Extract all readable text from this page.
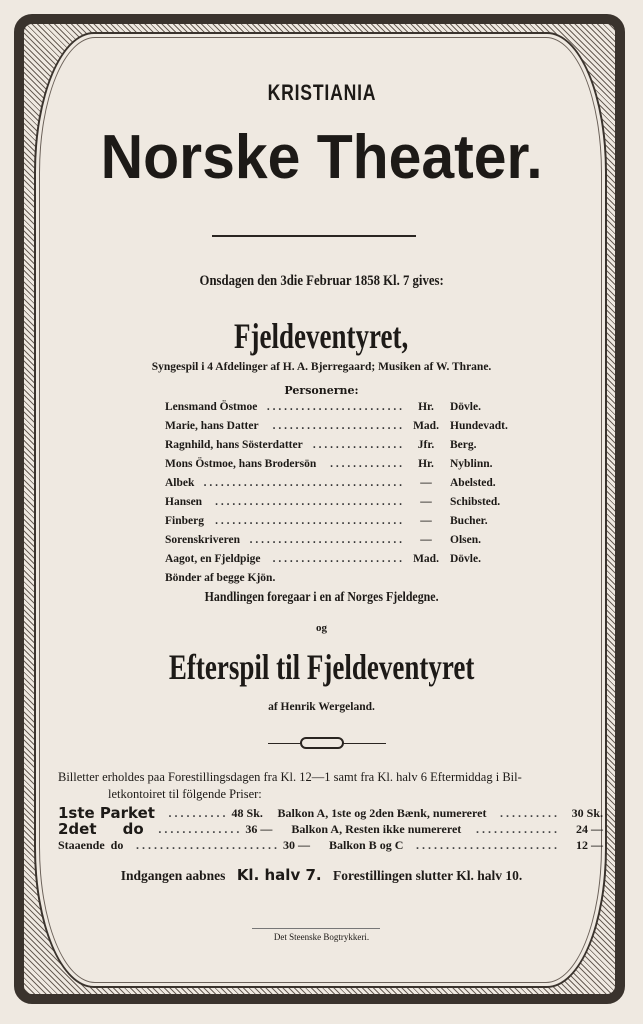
KRISTIANIA
Norske Theater.
Onsdagen den 3die Februar 1858 Kl. 7 gives:
Fjeldeventyret,
Syngespil i 4 Afdelinger af H. A. Bjerregaard; Musiken af W. Thrane.
Personerne:
Lensmand Östmoe . . . . . . . . . . . . . . . . . . . . . . . .	Hr.	Dövle.
Marie, hans Datter	. . . . . . . . . . . . . . . . . . . . . . . Mad. Hundevadt.
Ragnhild, hans Sösterdatter . . . . . . . . . . . . . . . .	Jfr.	Berg.
Mons Östmoe, hans Brodersön	. . . . . . . . . . . . .	Hr.	Nyblinn.
Albek . . . . . . . . . . . . . . . . . . . . . . . . . . . . . . . . . . .	—	Abelsted.
Hansen	. . . . . . . . . . . . . . . . . . . . . . . . . . . . . . . . .	—	Schibsted.
Finberg . . . . . . . . . . . . . . . . . . . . . . . . . . . . . . . . .	—	Bucher.
Sorenskriveren . . . . . . . . . . . . . . . . . . . . . . . . . . .	—	Olsen.
Aagot, en Fjeldpige	. . . . . . . . . . . . . . . . . . . . . . . Mad. Dövle.
Bönder af begge Kjön.
Handlingen foregaar i en af Norges Fjeldegne.
og
Efterspil til Fjeldeventyret
af Henrik Wergeland.
Billetter erholdes paa Forestillingsdagen fra Kl. 12—1 samt fra Kl. halv 6 Eftermiddag i Bil-
letkontoiret til fölgende Priser:
1ste Parket . . . . . . . . . . 48 Sk.	Balkon A, 1ste og 2den Bænk, numereret . . . . . . . . . .	30 Sk.
2det     do . . . . . . . . . . . . . . 36 —	Balkon A, Resten ikke numereret . . . . . . . . . . . . . .	24 —
Staaende  do . . . . . . . . . . . . . . . . . . . . . . . . 30 —	Balkon B og C . . . . . . . . . . . . . . . . . . . . . . . .	12 —
Indgangen aabnes Kl. halv 7. Forestillingen slutter Kl. halv 10.
Det Steenske Bogtrykkeri.
